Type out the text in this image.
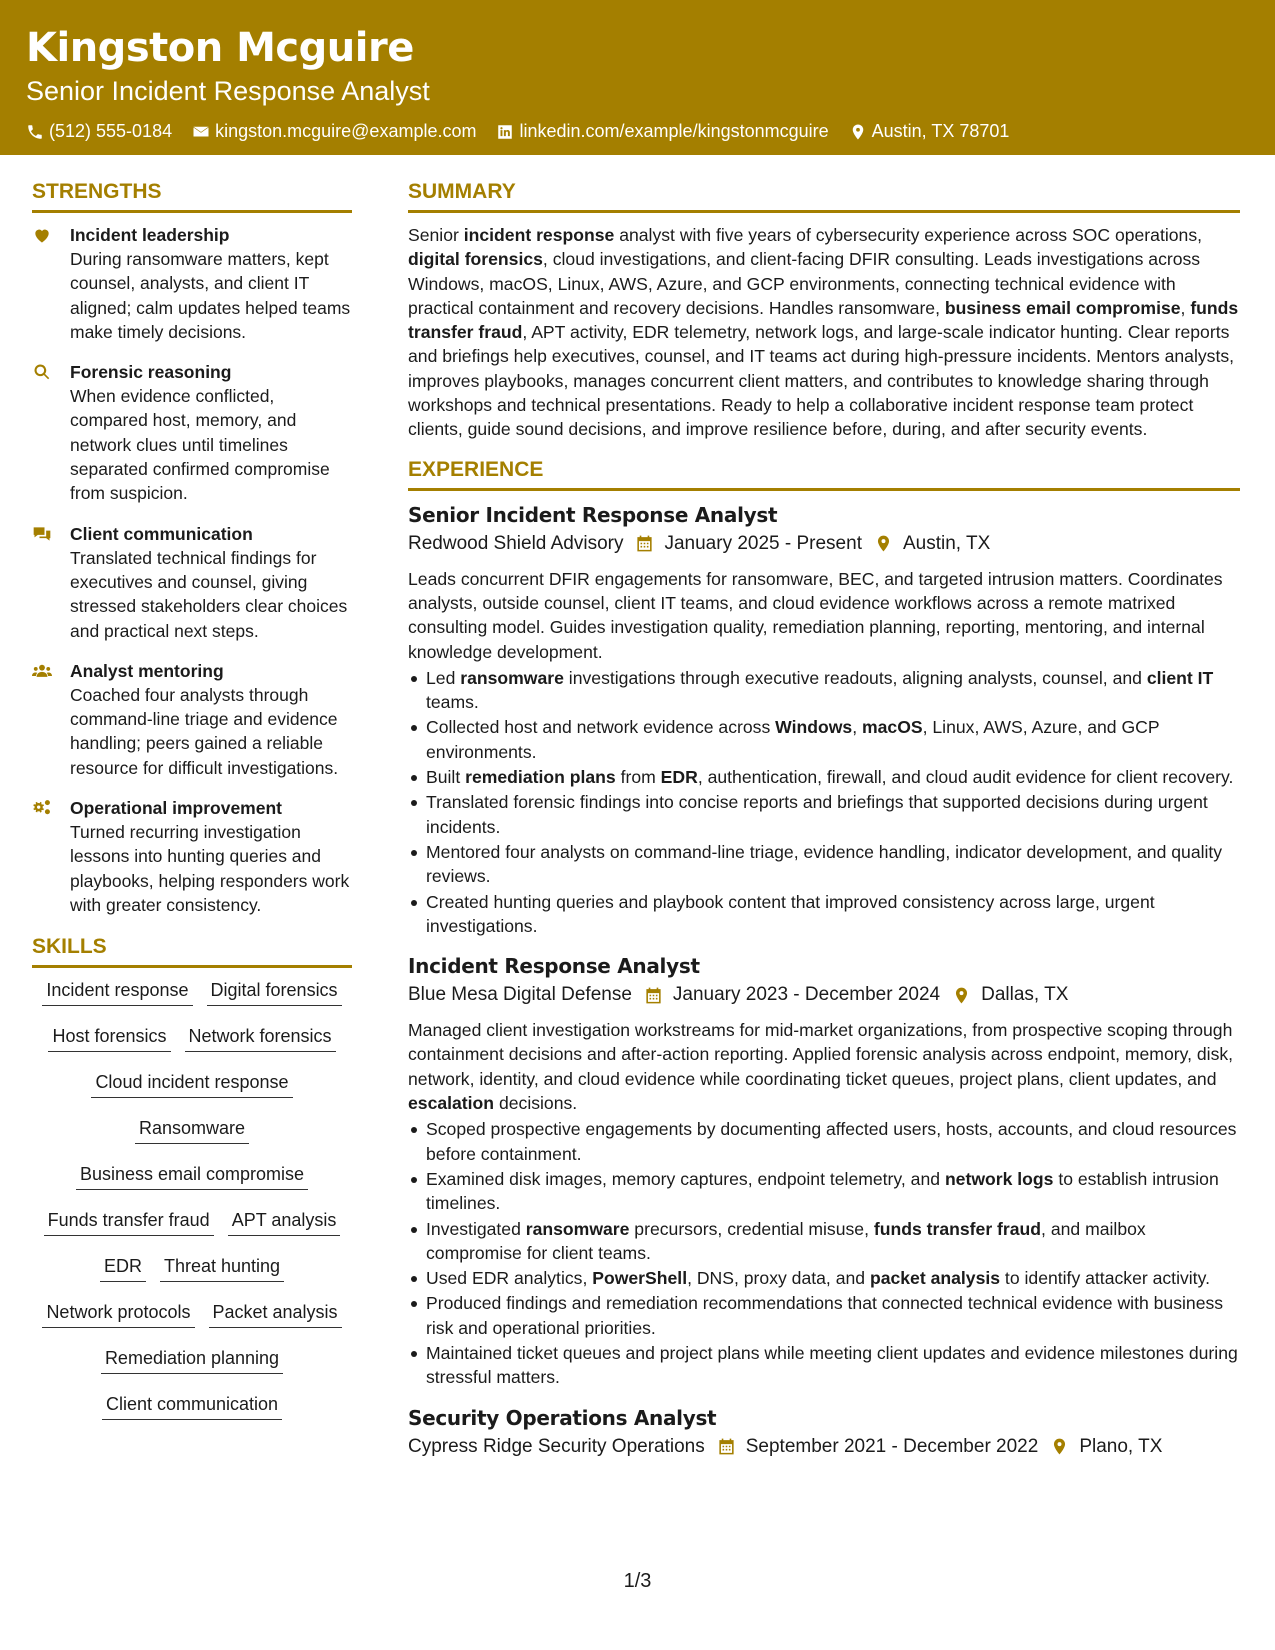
Kingston Mcguire
Senior Incident Response Analyst
(512) 555-0184 kingston.mcguire@example.com linkedin.com/example/kingstonmcguire Austin, TX 78701
STRENGTHS
Incident leadership
During ransomware matters, kept counsel, analysts, and client IT aligned; calm updates helped teams make timely decisions.
Forensic reasoning
When evidence conflicted, compared host, memory, and network clues until timelines separated confirmed compromise from suspicion.
Client communication
Translated technical findings for executives and counsel, giving stressed stakeholders clear choices and practical next steps.
Analyst mentoring
Coached four analysts through command-line triage and evidence handling; peers gained a reliable resource for difficult investigations.
Operational improvement
Turned recurring investigation lessons into hunting queries and playbooks, helping responders work with greater consistency.
SKILLS
Incident response Digital forensics
Host forensics Network forensics
Cloud incident response
Ransomware
Business email compromise
Funds transfer fraud APT analysis
EDR Threat hunting
Network protocols Packet analysis
Remediation planning
Client communication
SUMMARY
Senior incident response analyst with five years of cybersecurity experience across SOC operations, digital forensics, cloud investigations, and client-facing DFIR consulting. Leads investigations across Windows, macOS, Linux, AWS, Azure, and GCP environments, connecting technical evidence with practical containment and recovery decisions. Handles ransomware, business email compromise, funds transfer fraud, APT activity, EDR telemetry, network logs, and large-scale indicator hunting. Clear reports and briefings help executives, counsel, and IT teams act during high-pressure incidents. Mentors analysts, improves playbooks, manages concurrent client matters, and contributes to knowledge sharing through workshops and technical presentations. Ready to help a collaborative incident response team protect clients, guide sound decisions, and improve resilience before, during, and after security events.
EXPERIENCE
Senior Incident Response Analyst
Redwood Shield Advisory January 2025 - Present Austin, TX
Leads concurrent DFIR engagements for ransomware, BEC, and targeted intrusion matters. Coordinates analysts, outside counsel, client IT teams, and cloud evidence workflows across a remote matrixed consulting model. Guides investigation quality, remediation planning, reporting, mentoring, and internal knowledge development.
Led ransomware investigations through executive readouts, aligning analysts, counsel, and client IT teams.
Collected host and network evidence across Windows, macOS, Linux, AWS, Azure, and GCP environments.
Built remediation plans from EDR, authentication, firewall, and cloud audit evidence for client recovery.
Translated forensic findings into concise reports and briefings that supported decisions during urgent incidents.
Mentored four analysts on command-line triage, evidence handling, indicator development, and quality reviews.
Created hunting queries and playbook content that improved consistency across large, urgent investigations.
Incident Response Analyst
Blue Mesa Digital Defense January 2023 - December 2024 Dallas, TX
Managed client investigation workstreams for mid-market organizations, from prospective scoping through containment decisions and after-action reporting. Applied forensic analysis across endpoint, memory, disk, network, identity, and cloud evidence while coordinating ticket queues, project plans, client updates, and escalation decisions.
Scoped prospective engagements by documenting affected users, hosts, accounts, and cloud resources before containment.
Examined disk images, memory captures, endpoint telemetry, and network logs to establish intrusion timelines.
Investigated ransomware precursors, credential misuse, funds transfer fraud, and mailbox compromise for client teams.
Used EDR analytics, PowerShell, DNS, proxy data, and packet analysis to identify attacker activity.
Produced findings and remediation recommendations that connected technical evidence with business risk and operational priorities.
Maintained ticket queues and project plans while meeting client updates and evidence milestones during stressful matters.
Security Operations Analyst
Cypress Ridge Security Operations September 2021 - December 2022 Plano, TX
1/3
